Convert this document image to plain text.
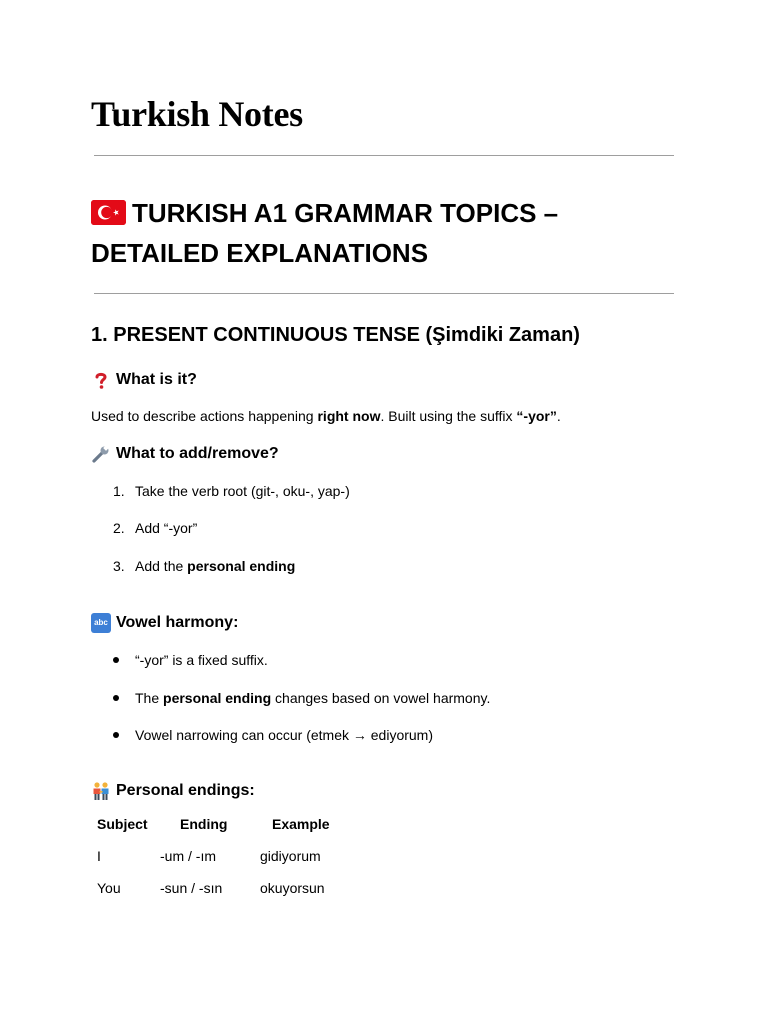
Turkish Notes
TURKISH A1 GRAMMAR TOPICS – DETAILED EXPLANATIONS
1. PRESENT CONTINUOUS TENSE (Şimdiki Zaman)
What is it?

Used to describe actions happening right now. Built using the suffix “-yor”.

What to add/remove?

1. Take the verb root (git-, oku-, yap-)

2. Add “-yor”

3. Add the personal ending

abc Vowel harmony:

“-yor” is a fixed suffix.

The personal ending changes based on vowel harmony.

Vowel narrowing can occur (etmek → ediyorum)

Personal endings:
Subject	Ending	Example
I	-um / -ım	gidiyorum
You	-sun / -sın	okuyorsun
